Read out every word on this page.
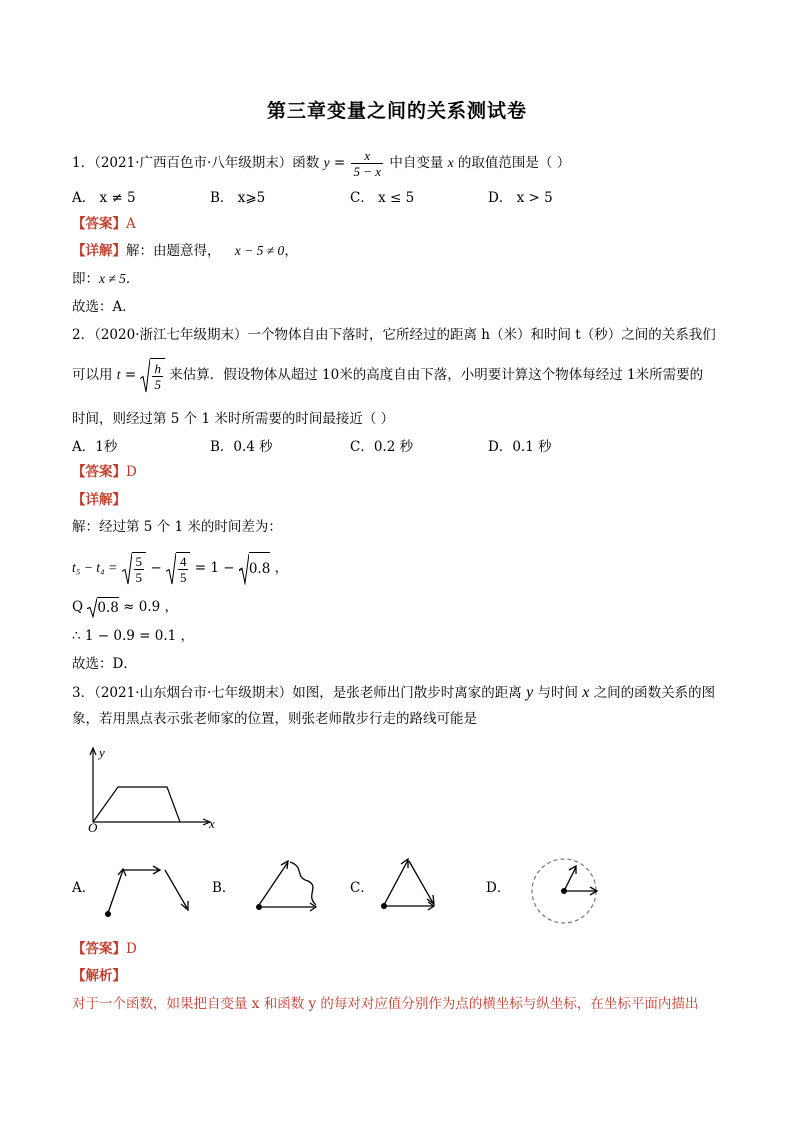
第三章变量之间的关系测试卷
1．（2021·广西百色市·八年级期末）函数 $y = \frac{x}{5 - x}$ 中自变量 x 的取值范围是（ ）
A． x ≠ 5	B． x⩾5	C． x ≤ 5	D． x > 5
【答案】A
【详解】解：由题意得， x − 5 ≠ 0，
即：x ≠ 5．
故选：A．
2．（2020·浙江七年级期末）一个物体自由下落时，它所经过的距离 h（米）和时间 t（秒）之间的关系我们
可以用 $t = \frac{h}{5}$ 来估算．假设物体从超过 10米的高度自由下落，小明要计算这个物体每经过 1米所需要的
时间，则经过第 5 个 1 米时所需要的时间最接近（ ）
A．1秒	B．0.4 秒	C．0.2 秒	D．0.1 秒
【答案】D
【详解】
解：经过第 5 个 1 米的时间差为：
$t_5 - t_4 = \frac{5}{5} - \frac{4}{5} = 1 - 0.8$ ，
Q 0.8 ≈ 0.9 ，
∴ 1 − 0.9 = 0.1 ，
故选：D．
3．（2021·山东烟台市·七年级期末）如图，是张老师出门散步时离家的距离 y 与时间 x 之间的函数关系的图
象，若用黑点表示张老师家的位置，则张老师散步行走的路线可能是
y
x
O
A．	B．	C．	D．
【答案】D
【解析】
对于一个函数，如果把自变量 x 和函数 y 的每对对应值分别作为点的横坐标与纵坐标，在坐标平面内描出
